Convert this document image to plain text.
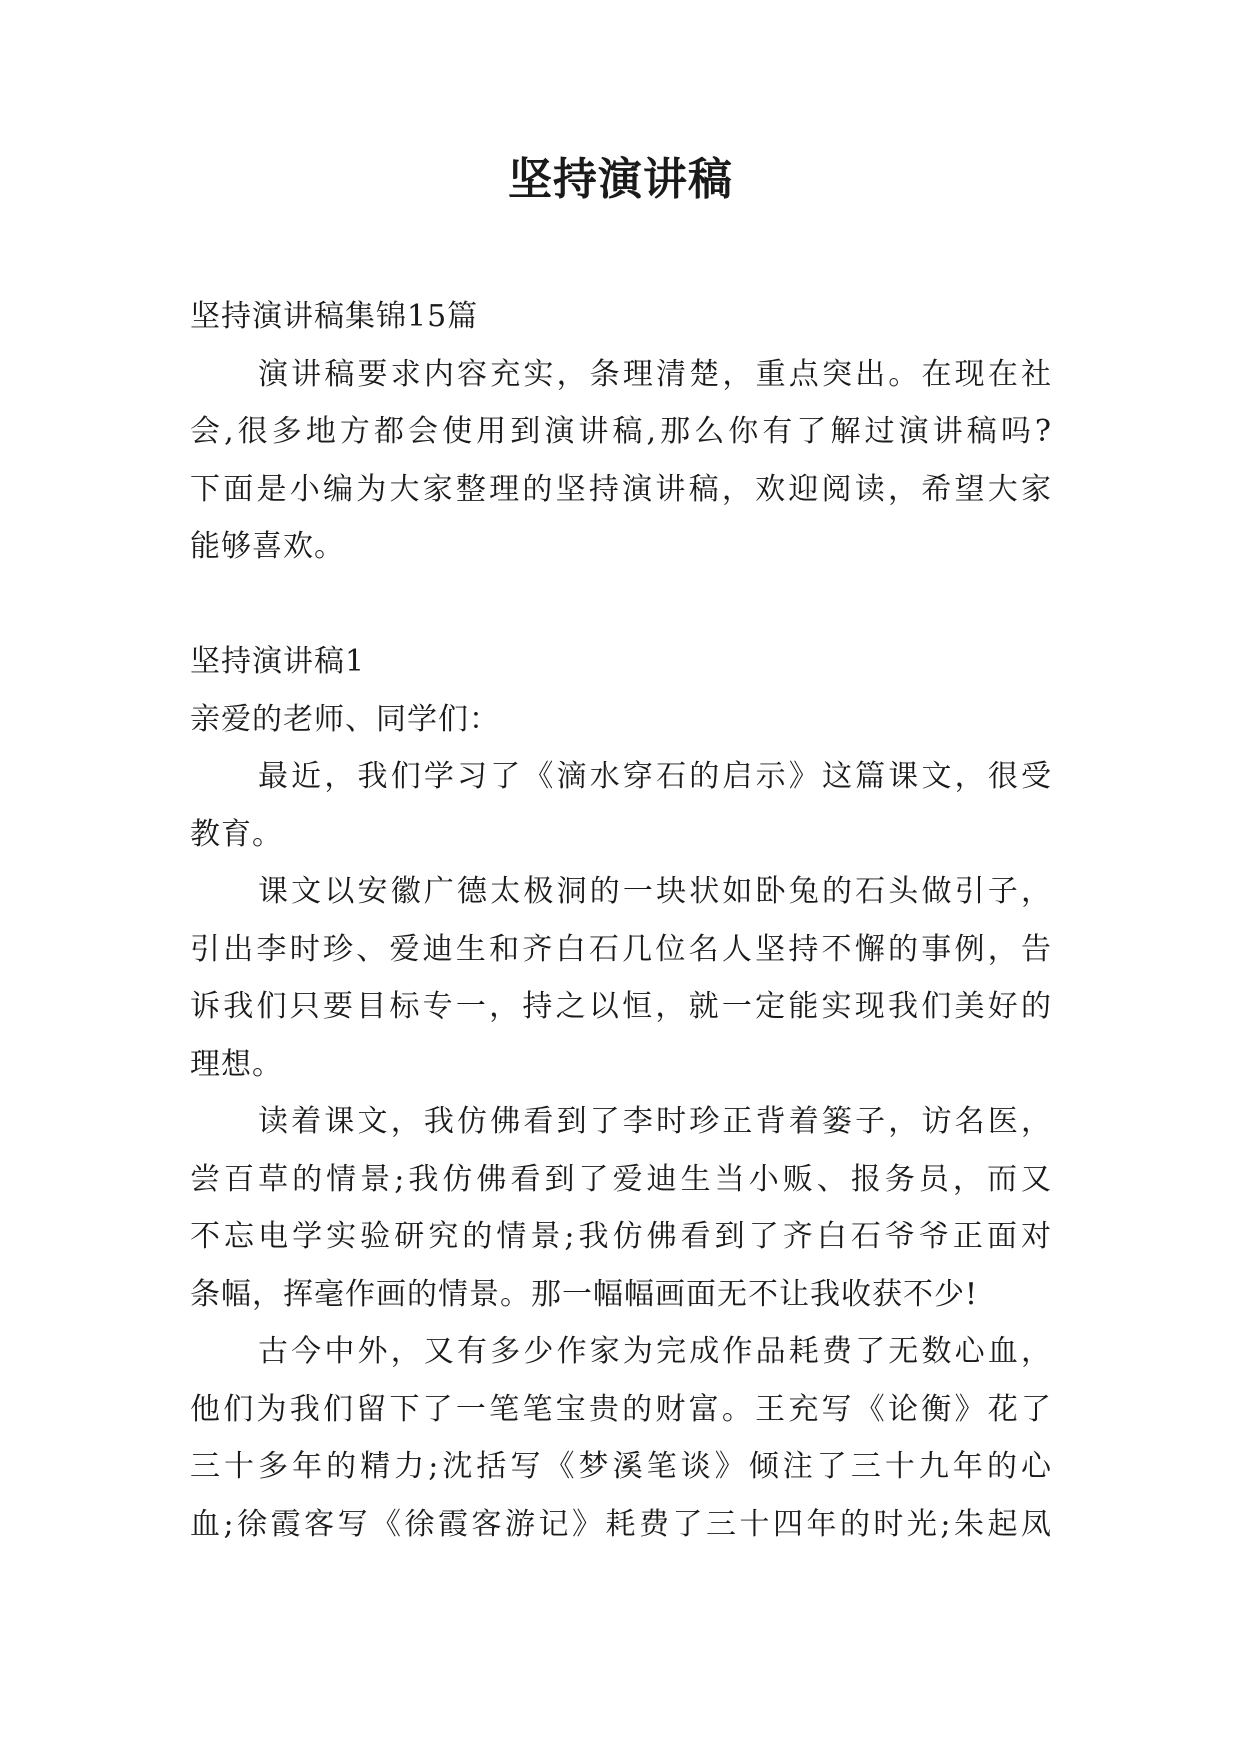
坚持演讲稿
坚持演讲稿集锦15篇
演讲稿要求内容充实，条理清楚，重点突出。在现在社
会,很多地方都会使用到演讲稿,那么你有了解过演讲稿吗?
下面是小编为大家整理的坚持演讲稿，欢迎阅读，希望大家
能够喜欢。
坚持演讲稿1
亲爱的老师、同学们：
最近，我们学习了《滴水穿石的启示》这篇课文，很受
教育。
课文以安徽广德太极洞的一块状如卧兔的石头做引子，
引出李时珍、爱迪生和齐白石几位名人坚持不懈的事例，告
诉我们只要目标专一，持之以恒，就一定能实现我们美好的
理想。
读着课文，我仿佛看到了李时珍正背着篓子，访名医，
尝百草的情景;我仿佛看到了爱迪生当小贩、报务员，而又
不忘电学实验研究的情景;我仿佛看到了齐白石爷爷正面对
条幅，挥毫作画的情景。那一幅幅画面无不让我收获不少!
古今中外，又有多少作家为完成作品耗费了无数心血，
他们为我们留下了一笔笔宝贵的财富。王充写《论衡》花了
三十多年的精力;沈括写《梦溪笔谈》倾注了三十九年的心
血;徐霞客写《徐霞客游记》耗费了三十四年的时光;朱起凤
